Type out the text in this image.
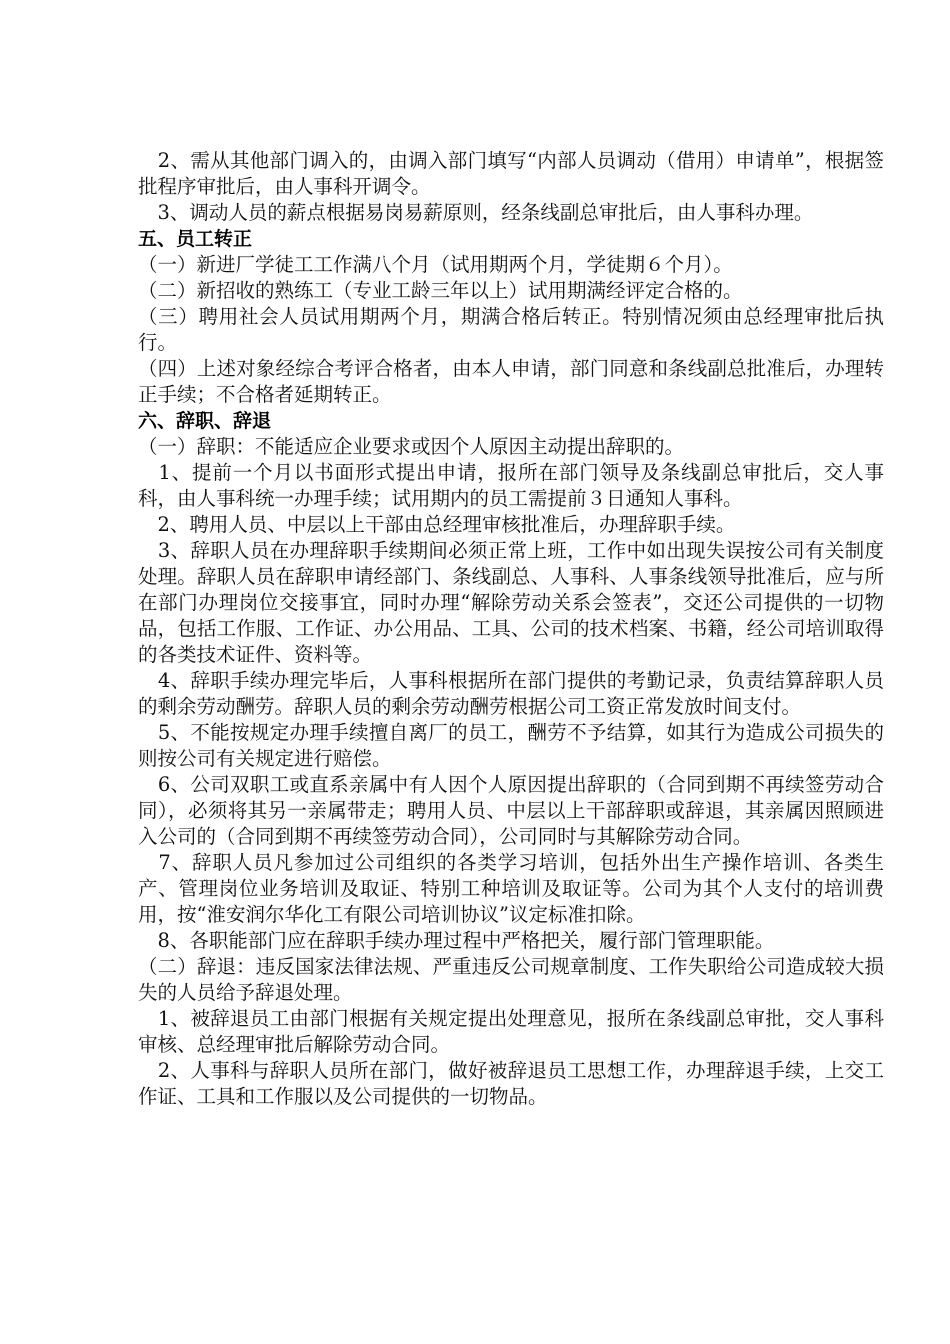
　2、需从其他部门调入的，由调入部门填写“内部人员调动（借用）申请单”，根据签批程序审批后，由人事科开调令。

　3、调动人员的薪点根据易岗易薪原则，经条线副总审批后，由人事科办理。

五、员工转正

（一）新进厂学徒工工作满八个月（试用期两个月，学徒期６个月）。

（二）新招收的熟练工（专业工龄三年以上）试用期满经评定合格的。

（三）聘用社会人员试用期两个月，期满合格后转正。特别情况须由总经理审批后执行。

（四）上述对象经综合考评合格者，由本人申请，部门同意和条线副总批准后，办理转正手续；不合格者延期转正。

六、辞职、辞退

（一）辞职：不能适应企业要求或因个人原因主动提出辞职的。

　1、提前一个月以书面形式提出申请，报所在部门领导及条线副总审批后，交人事科，由人事科统一办理手续；试用期内的员工需提前３日通知人事科。

　2、聘用人员、中层以上干部由总经理审核批准后，办理辞职手续。

　3、辞职人员在办理辞职手续期间必须正常上班，工作中如出现失误按公司有关制度处理。辞职人员在辞职申请经部门、条线副总、人事科、人事条线领导批准后，应与所在部门办理岗位交接事宜，同时办理“解除劳动关系会签表”，交还公司提供的一切物品，包括工作服、工作证、办公用品、工具、公司的技术档案、书籍，经公司培训取得的各类技术证件、资料等。

　4、辞职手续办理完毕后，人事科根据所在部门提供的考勤记录，负责结算辞职人员的剩余劳动酬劳。辞职人员的剩余劳动酬劳根据公司工资正常发放时间支付。

　5、不能按规定办理手续擅自离厂的员工，酬劳不予结算，如其行为造成公司损失的则按公司有关规定进行赔偿。

　6、公司双职工或直系亲属中有人因个人原因提出辞职的（合同到期不再续签劳动合同），必须将其另一亲属带走；聘用人员、中层以上干部辞职或辞退，其亲属因照顾进入公司的（合同到期不再续签劳动合同），公司同时与其解除劳动合同。

　7、辞职人员凡参加过公司组织的各类学习培训，包括外出生产操作培训、各类生产、管理岗位业务培训及取证、特别工种培训及取证等。公司为其个人支付的培训费用，按“淮安润尔华化工有限公司培训协议”议定标准扣除。

　8、各职能部门应在辞职手续办理过程中严格把关，履行部门管理职能。

（二）辞退：违反国家法律法规、严重违反公司规章制度、工作失职给公司造成较大损失的人员给予辞退处理。

　1、被辞退员工由部门根据有关规定提出处理意见，报所在条线副总审批，交人事科审核、总经理审批后解除劳动合同。

　2、人事科与辞职人员所在部门，做好被辞退员工思想工作，办理辞退手续，上交工作证、工具和工作服以及公司提供的一切物品。
